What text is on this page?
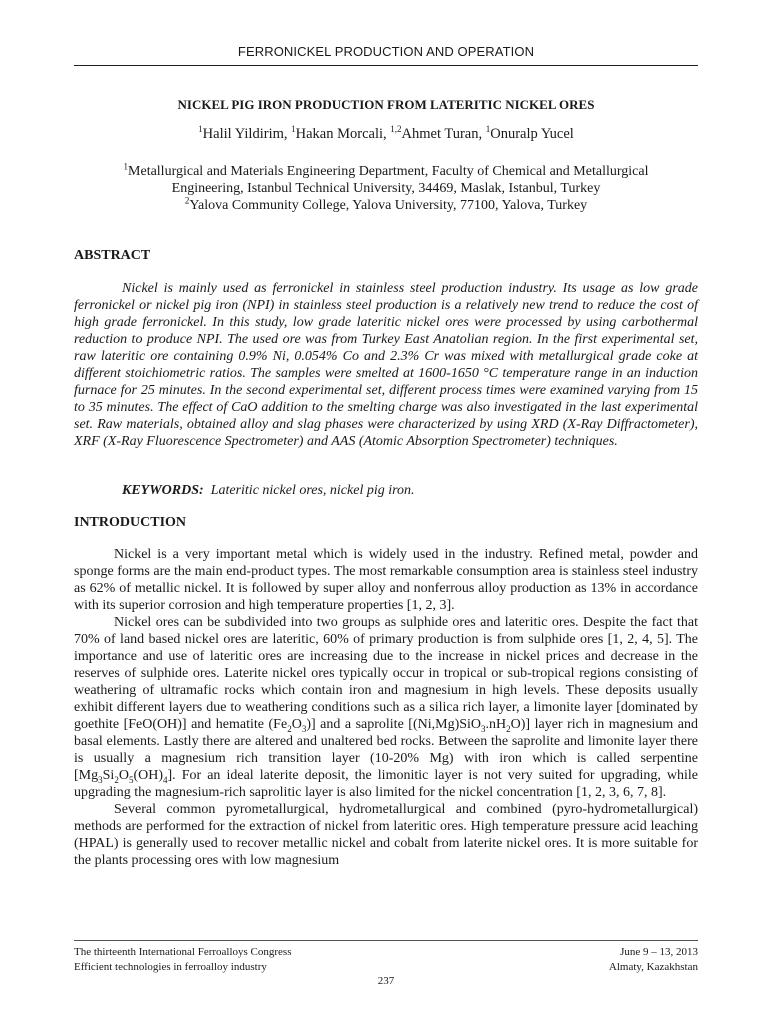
FERRONICKEL PRODUCTION AND OPERATION
NICKEL PIG IRON PRODUCTION FROM LATERITIC NICKEL ORES
$^1$Halil Yildirim, $^1$Hakan Morcali, $^{1,2}$Ahmet Turan, $^1$Onuralp Yucel
$^1$Metallurgical and Materials Engineering Department, Faculty of Chemical and Metallurgical
Engineering, Istanbul Technical University, 34469, Maslak, Istanbul, Turkey
$^2$Yalova Community College, Yalova University, 77100, Yalova, Turkey
ABSTRACT

Nickel is mainly used as ferronickel in stainless steel production industry. Its usage as low grade ferronickel or nickel pig iron (NPI) in stainless steel production is a relatively new trend to reduce the cost of high grade ferronickel. In this study, low grade lateritic nickel ores were processed by using carbothermal reduction to produce NPI. The used ore was from Turkey East Anatolian region. In the first experimental set, raw lateritic ore containing 0.9% Ni, 0.054% Co and 2.3% Cr was mixed with metallurgical grade coke at different stoichiometric ratios. The samples were smelted at 1600-1650 °C temperature range in an induction furnace for 25 minutes. In the second experimental set, different process times were examined varying from 15 to 35 minutes. The effect of CaO addition to the smelting charge was also investigated in the last experimental set. Raw materials, obtained alloy and slag phases were characterized by using XRD (X-Ray Diffractometer), XRF (X-Ray Fluorescence Spectrometer) and AAS (Atomic Absorption Spectrometer) techniques.

KEYWORDS: Lateritic nickel ores, nickel pig iron.
INTRODUCTION

Nickel is a very important metal which is widely used in the industry. Refined metal, powder and sponge forms are the main end-product types. The most remarkable consumption area is stainless steel industry as 62% of metallic nickel. It is followed by super alloy and nonferrous alloy production as 13% in accordance with its superior corrosion and high temperature properties [1, 2, 3].

Nickel ores can be subdivided into two groups as sulphide ores and lateritic ores. Despite the fact that 70% of land based nickel ores are lateritic, 60% of primary production is from sulphide ores [1, 2, 4, 5]. The importance and use of lateritic ores are increasing due to the increase in nickel prices and decrease in the reserves of sulphide ores. Laterite nickel ores typically occur in tropical or sub-tropical regions consisting of weathering of ultramafic rocks which contain iron and magnesium in high levels. These deposits usually exhibit different layers due to weathering conditions such as a silica rich layer, a limonite layer [dominated by goethite [FeO(OH)] and hematite $(Fe_2O_3)$] and a saprolite $[(Ni,Mg)SiO_3.nH_2O)$] layer rich in magnesium and basal elements. Lastly there are altered and unaltered bed rocks. Between the saprolite and limonite layer there is usually a magnesium rich transition layer (10-20% Mg) with iron which is called serpentine $[Mg_3Si_2O_5(OH)_4]$. For an ideal laterite deposit, the limonitic layer is not very suited for upgrading, while upgrading the magnesium-rich saprolitic layer is also limited for the nickel concentration [1, 2, 3, 6, 7, 8].

Several common pyrometallurgical, hydrometallurgical and combined (pyro-hydrometallurgical) methods are performed for the extraction of nickel from lateritic ores. High temperature pressure acid leaching (HPAL) is generally used to recover metallic nickel and cobalt from laterite nickel ores. It is more suitable for the plants processing ores with low magnesium

The thirteenth International Ferroalloys Congress
Efficient technologies in ferroalloy industry
June 9 – 13, 2013
Almaty, Kazakhstan
237
